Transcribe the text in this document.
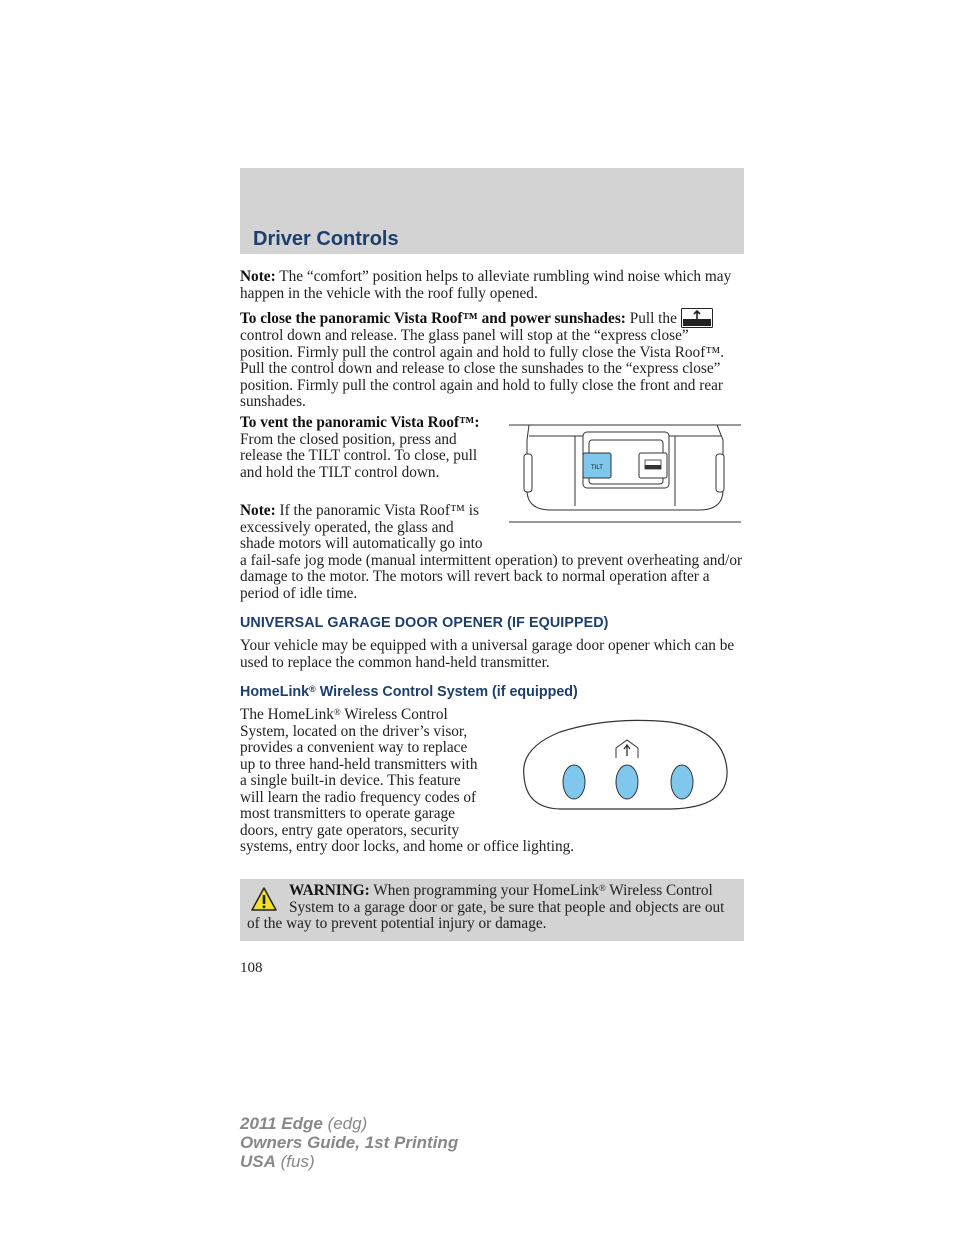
Driver Controls

Note: The “comfort” position helps to alleviate rumbling wind noise which may happen in the vehicle with the roof fully opened.

To close the panoramic Vista Roof™ and power sunshades: Pull thecontrol down and release. The glass panel will stop at the “express close” position. Firmly pull the control again and hold to fully close the Vista Roof™. Pull the control down and release to close the sunshades to the “express close” position. Firmly pull the control again and hold to fully close the front and rear sunshades.

To vent the panoramic Vista Roof™: From the closed position, press and release the TILT control. To close, pull and hold the TILT control down.

Note: If the panoramic Vista Roof™ is excessively operated, the glass and shade motors will automatically go into a fail-safe jog mode (manual intermittent operation) to prevent overheating and/or damage to the motor. The motors will revert back to normal operation after a period of idle time.

TILT
UNIVERSAL GARAGE DOOR OPENER (IF EQUIPPED)

Your vehicle may be equipped with a universal garage door opener which can be used to replace the common hand-held transmitter.

HomeLink® Wireless Control System (if equipped)

The HomeLink® Wireless Control System, located on the driver’s visor, provides a convenient way to replace up to three hand-held transmitters with a single built-in device. This feature will learn the radio frequency codes of most transmitters to operate garage doors, entry gate operators, security systems, entry door locks, and home or office lighting.

WARNING: When programming your HomeLink® Wireless Control System to a garage door or gate, be sure that people and objects are out of the way to prevent potential injury or damage.

108
2011 Edge (edg)
Owners Guide, 1st Printing
USA (fus)
